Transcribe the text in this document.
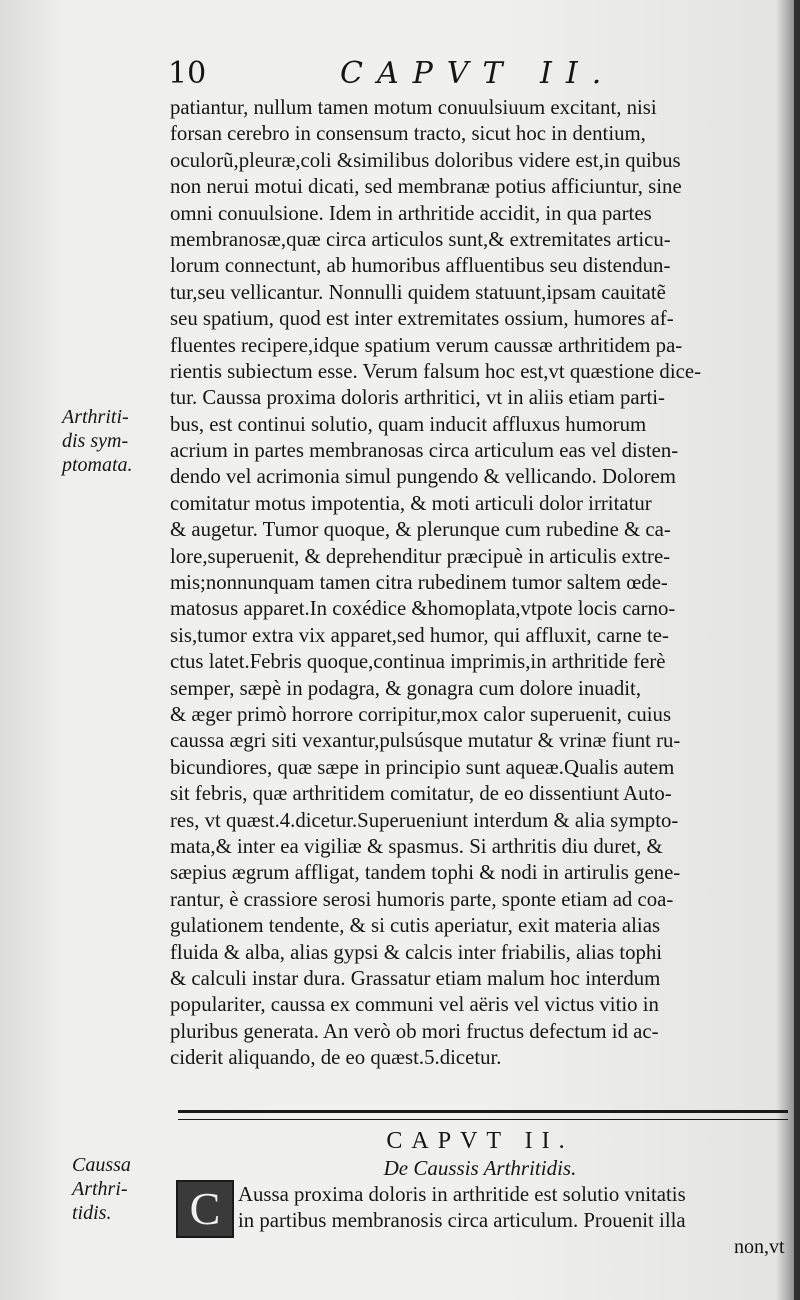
10	CAPVT II.
Arthriti-
dis sym-
ptomata.
patiantur, nullum tamen motum conuulsiuum excitant, nisi
forsan cerebro in consensum tracto, sicut hoc in dentium,
oculorũ,pleuræ,coli &similibus doloribus videre est,in quibus
non nerui motui dicati, sed membranæ potius afficiuntur, sine
omni conuulsione. Idem in arthritide accidit, in qua partes
membranosæ,quæ circa articulos sunt,& extremitates articu-
lorum connectunt, ab humoribus affluentibus seu distendun-
tur,seu vellicantur. Nonnulli quidem statuunt,ipsam cauitatẽ
seu spatium, quod est inter extremitates ossium, humores af-
fluentes recipere,idque spatium verum caussæ arthritidem pa-
rientis subiectum esse. Verum falsum hoc est,vt quæstione dice-
tur. Caussa proxima doloris arthritici, vt in aliis etiam parti-
bus, est continui solutio, quam inducit affluxus humorum
acrium in partes membranosas circa articulum eas vel disten-
dendo vel acrimonia simul pungendo & vellicando. Dolorem
comitatur motus impotentia, & moti articuli dolor irritatur
& augetur. Tumor quoque, & plerunque cum rubedine & ca-
lore,superuenit, & deprehenditur præcipuè in articulis extre-
mis;nonnunquam tamen citra rubedinem tumor saltem œde-
matosus apparet.In coxédice &homoplata,vtpote locis carno-
sis,tumor extra vix apparet,sed humor, qui affluxit, carne te-
ctus latet.Febris quoque,continua imprimis,in arthritide ferè
semper, sæpè in podagra, & gonagra cum dolore inuadit,
& æger primò horrore corripitur,mox calor superuenit, cuius
caussa ægri siti vexantur,pulsúsque mutatur & vrinæ fiunt ru-
bicundiores, quæ sæpe in principio sunt aqueæ.Qualis autem
sit febris, quæ arthritidem comitatur, de eo dissentiunt Auto-
res, vt quæst.4.dicetur.Superueniunt interdum & alia sympto-
mata,& inter ea vigiliæ & spasmus. Si arthritis diu duret, &
sæpius ægrum affligat, tandem tophi & nodi in artirulis gene-
rantur, è crassiore serosi humoris parte, sponte etiam ad coa-
gulationem tendente, & si cutis aperiatur, exit materia alias
fluida & alba, alias gypsi & calcis inter friabilis, alias tophi
& calculi instar dura. Grassatur etiam malum hoc interdum
populariter, caussa ex communi vel aëris vel victus vitio in
pluribus generata. An verò ob mori fructus defectum id ac-
ciderit aliquando, de eo quæst.5.dicetur.
CAPVT II.
De Caussis Arthritidis.
Caussa
Arthri-
tidis.	C Aussa proxima doloris in arthritide est solutio vnitatis
in partibus membranosis circa articulum. Prouenit illa
non,vt
